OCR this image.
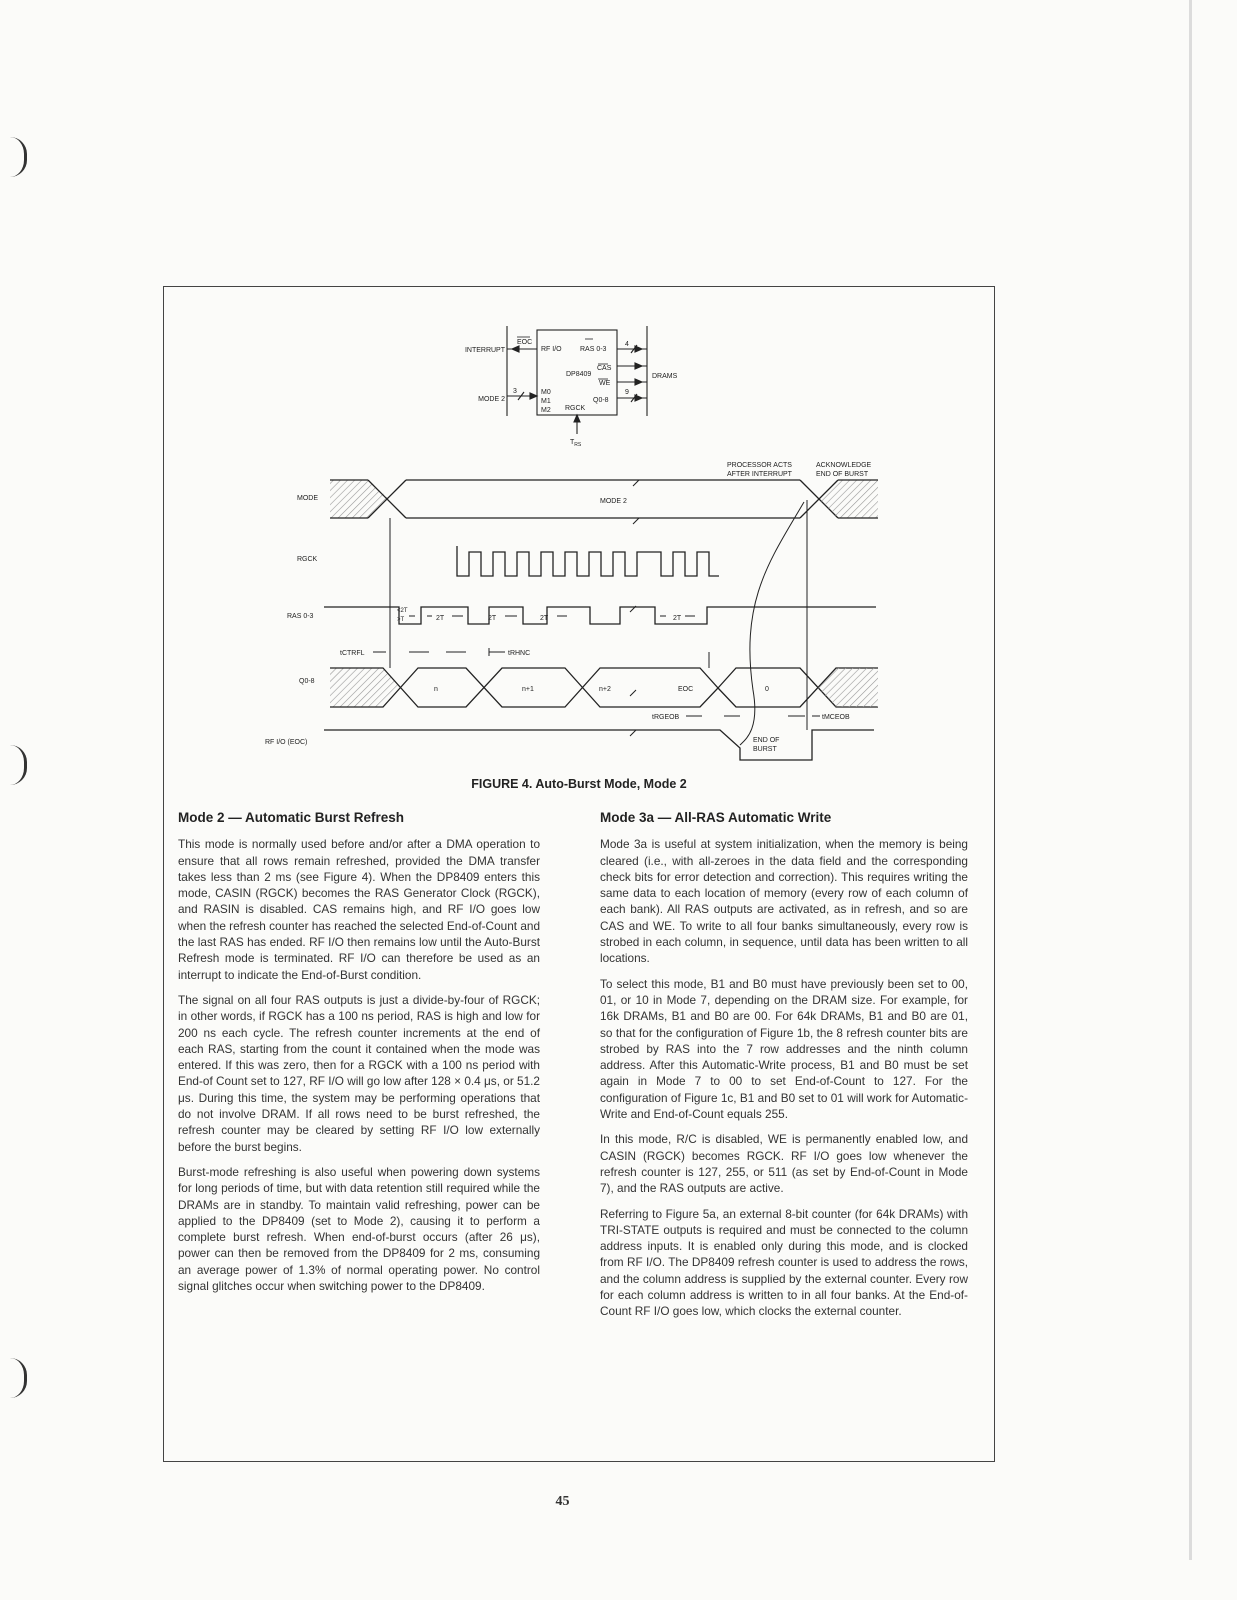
INTERRUPT
MODE 2
EOC
RF I/O	RAS 0-3
DP8409
CAS
WE
Q0-8
M0
M1
M2 RGCK
DRAMS
3
4
9
$T_{RS}$
MODE
RGCK
RAS 0-3
Q0-8
RF I/O (EOC)
MODE 2
PROCESSOR ACTS
AFTER INTERRUPT
ACKNOWLEDGE
END OF BURST
<2T
>T	2T	2T	2T	2T
tCTRFL	tRHNC
tRGEOB	tMCEOB
n	n+1	n+2	EOC	0
END OF
BURST
FIGURE 4. Auto-Burst Mode, Mode 2
Mode 2 — Automatic Burst Refresh

This mode is normally used before and/or after a DMA operation to ensure that all rows remain refreshed, provided the DMA transfer takes less than 2 ms (see Figure 4). When the DP8409 enters this mode, CASIN (RGCK) becomes the RAS Generator Clock (RGCK), and RASIN is disabled. CAS remains high, and RF I/O goes low when the refresh counter has reached the selected End-of-Count and the last RAS has ended. RF I/O then remains low until the Auto-Burst Refresh mode is terminated. RF I/O can therefore be used as an interrupt to indicate the End-of-Burst condition.

The signal on all four RAS outputs is just a divide-by-four of RGCK; in other words, if RGCK has a 100 ns period, RAS is high and low for 200 ns each cycle. The refresh counter increments at the end of each RAS, starting from the count it contained when the mode was entered. If this was zero, then for a RGCK with a 100 ns period with End-of Count set to 127, RF I/O will go low after 128 × 0.4 μs, or 51.2 μs. During this time, the system may be performing operations that do not involve DRAM. If all rows need to be burst refreshed, the refresh counter may be cleared by setting RF I/O low externally before the burst begins.

Burst-mode refreshing is also useful when powering down systems for long periods of time, but with data retention still required while the DRAMs are in standby. To maintain valid refreshing, power can be applied to the DP8409 (set to Mode 2), causing it to perform a complete burst refresh. When end-of-burst occurs (after 26 μs), power can then be removed from the DP8409 for 2 ms, consuming an average power of 1.3% of normal operating power. No control signal glitches occur when switching power to the DP8409.

Mode 3a — All-RAS Automatic Write

Mode 3a is useful at system initialization, when the memory is being cleared (i.e., with all-zeroes in the data field and the corresponding check bits for error detection and correction). This requires writing the same data to each location of memory (every row of each column of each bank). All RAS outputs are activated, as in refresh, and so are CAS and WE. To write to all four banks simultaneously, every row is strobed in each column, in sequence, until data has been written to all locations.

To select this mode, B1 and B0 must have previously been set to 00, 01, or 10 in Mode 7, depending on the DRAM size. For example, for 16k DRAMs, B1 and B0 are 00. For 64k DRAMs, B1 and B0 are 01, so that for the configuration of Figure 1b, the 8 refresh counter bits are strobed by RAS into the 7 row addresses and the ninth column address. After this Automatic-Write process, B1 and B0 must be set again in Mode 7 to 00 to set End-of-Count to 127. For the configuration of Figure 1c, B1 and B0 set to 01 will work for Automatic-Write and End-of-Count equals 255.

In this mode, R/C is disabled, WE is permanently enabled low, and CASIN (RGCK) becomes RGCK. RF I/O goes low whenever the refresh counter is 127, 255, or 511 (as set by End-of-Count in Mode 7), and the RAS outputs are active.

Referring to Figure 5a, an external 8-bit counter (for 64k DRAMs) with TRI-STATE outputs is required and must be connected to the column address inputs. It is enabled only during this mode, and is clocked from RF I/O. The DP8409 refresh counter is used to address the rows, and the column address is supplied by the external counter. Every row for each column address is written to in all four banks. At the End-of-Count RF I/O goes low, which clocks the external counter.

45
